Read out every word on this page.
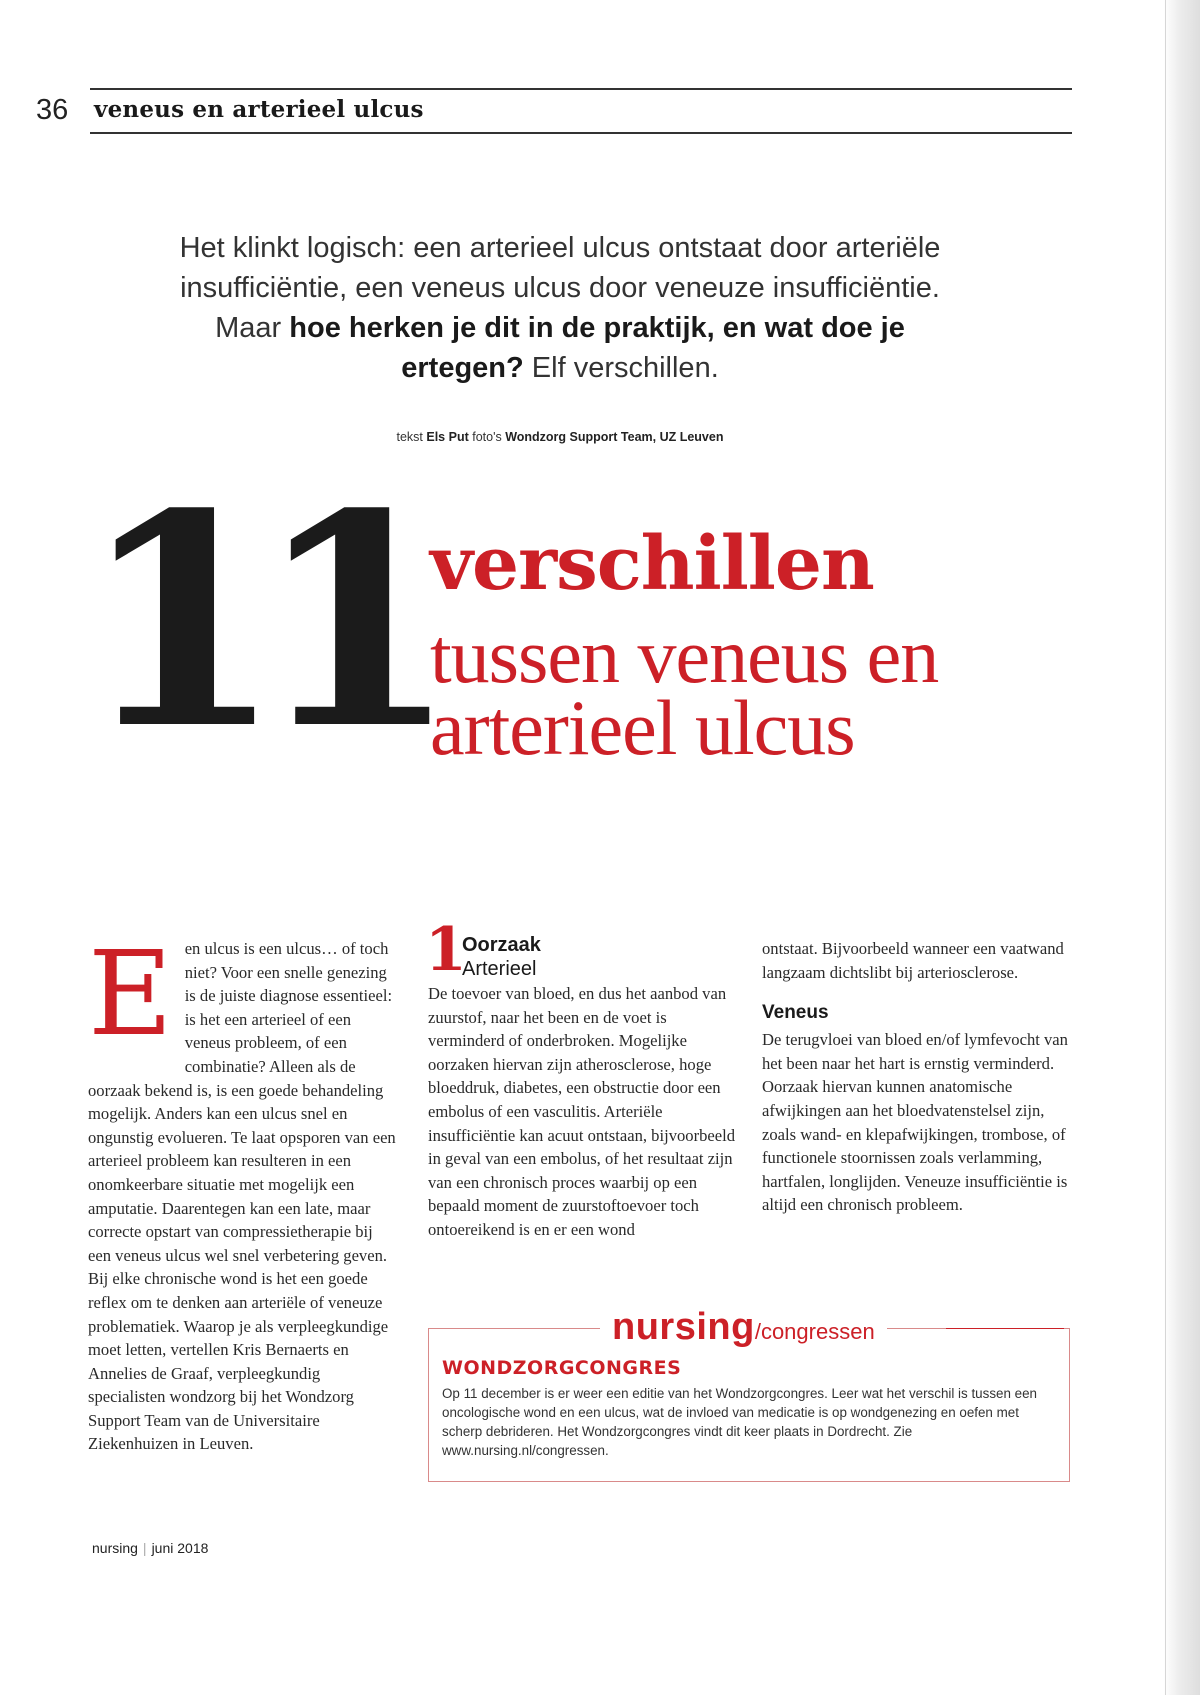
36 veneus en arterieel ulcus
Het klinkt logisch: een arterieel ulcus ontstaat door arteriële
insufficiëntie, een veneus ulcus door veneuze insufficiëntie.
Maar hoe herken je dit in de praktijk, en wat doe je
ertegen? Elf verschillen.
tekst Els Put foto's Wondzorg Support Team, UZ Leuven
11 verschillen
tussen veneus en
arterieel ulcus
E en ulcus is een ulcus… of toch niet? Voor een snelle genezing is de juiste diagnose essentieel: is het een arterieel of een veneus probleem, of een combinatie? Alleen als de oorzaak bekend is, is een goede behandeling mogelijk. Anders kan een ulcus snel en ongunstig evolueren. Te laat opsporen van een arterieel probleem kan resulteren in een onomkeerbare situatie met mogelijk een amputatie. Daarentegen kan een late, maar correcte opstart van compressietherapie bij een veneus ulcus wel snel verbetering geven. Bij elke chronische wond is het een goede reflex om te denken aan arteriële of veneuze problematiek. Waarop je als verpleegkundige moet letten, vertellen Kris Bernaerts en Annelies de Graaf, verpleegkundig specialisten wondzorg bij het Wondzorg Support Team van de Universitaire Ziekenhuizen in Leuven.

1
Oorzaak
Arterieel

De toevoer van bloed, en dus het aanbod van zuurstof, naar het been en de voet is verminderd of onderbroken. Mogelijke oorzaken hiervan zijn atherosclerose, hoge bloeddruk, diabetes, een obstructie door een embolus of een vasculitis. Arteriële insufficiëntie kan acuut ontstaan, bijvoorbeeld in geval van een embolus, of het resultaat zijn van een chronisch proces waarbij op een bepaald moment de zuurstoftoevoer toch ontoereikend is en er een wond

ontstaat. Bijvoorbeeld wanneer een vaatwand langzaam dichtslibt bij arteriosclerose.

Veneus

De terugvloei van bloed en/of lymfevocht van het been naar het hart is ernstig verminderd. Oorzaak hiervan kunnen anatomische afwijkingen aan het bloedvatenstelsel zijn, zoals wand- en klepafwijkingen, trombose, of functionele stoornissen zoals verlamming, hartfalen, longlijden. Veneuze insufficiëntie is altijd een chronisch probleem.

nursing/congressen
WONDZORGCONGRES
Op 11 december is er weer een editie van het Wondzorgcongres. Leer wat het verschil is tussen een oncologische wond en een ulcus, wat de invloed van medicatie is op wondgenezing en oefen met scherp debrideren. Het Wondzorgcongres vindt dit keer plaats in Dordrecht. Zie www.nursing.nl/congressen.
nursing | juni 2018
